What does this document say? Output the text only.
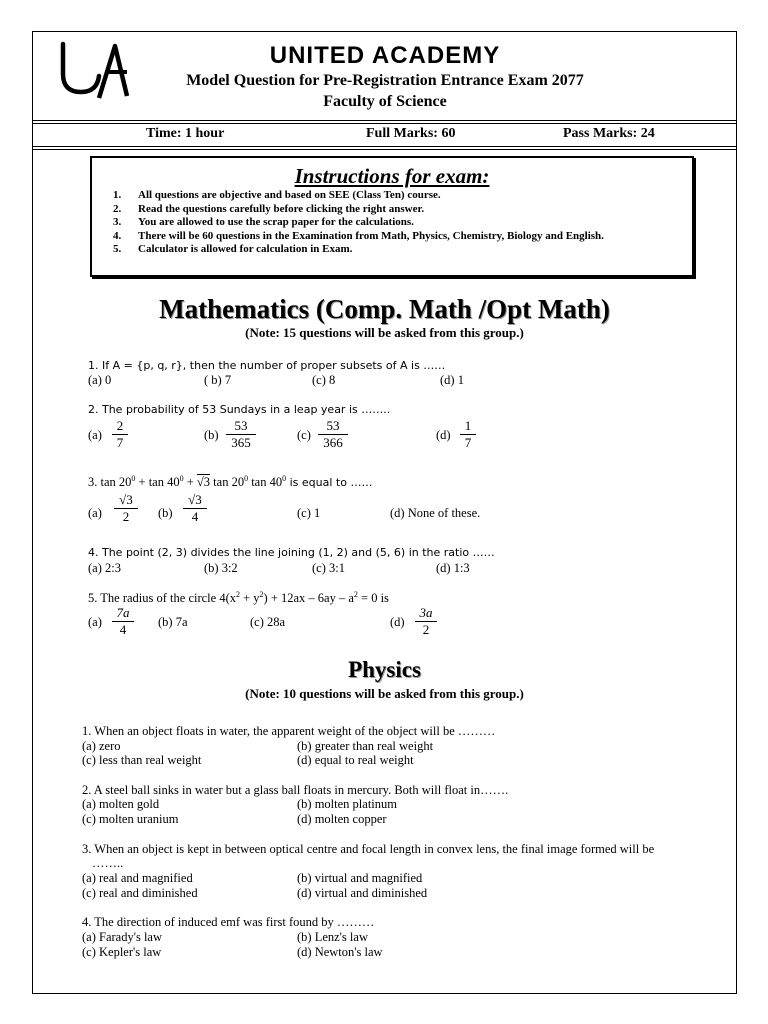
UNITED ACADEMY
Model Question for Pre-Registration Entrance Exam 2077
Faculty of Science
Time: 1 hour	Full Marks: 60	Pass Marks: 24
Instructions for exam:
1. All questions are objective and based on SEE (Class Ten) course.
2. Read the questions carefully before clicking the right answer.
3. You are allowed to use the scrap paper for the calculations.
4. There will be 60 questions in the Examination from Math, Physics, Chemistry, Biology and English.
5. Calculator is allowed for calculation in Exam.
Mathematics (Comp. Math /Opt Math)
(Note: 15 questions will be asked from this group.)
1. If A = {p, q, r}, then the number of proper subsets of A is ……
(a) 0	( b) 7	(c) 8	(d) 1
2. The probability of 53 Sundays in a leap year is ……..
$(a) \frac{2}{7}$	$(b) \frac{53}{365}$	$(c) \frac{53}{366}$	$(d) \frac{1}{7}$
3. $\tan 20^0 + \tan 40^0 + √3$ $\tan 20^0$ $\tan 40^0$ is equal to ……
$(a) \frac{√3}{2} (b) \frac{√3}{4}$	(c) 1	(d) None of these.
4. The point (2, 3) divides the line joining (1, 2) and (5, 6) in the ratio ……
(a) 2:3	(b) 3:2	(c) 3:1	(d) 1:3
5. The radius of the circle $4(x^2 + y^2) + 12ax - 6ay - a^2 = 0$ is
$(a) \frac{7a}{4} (b)$ 7a	(c) 28a	$(d) \frac{3a}{2}$
Physics
(Note: 10 questions will be asked from this group.)
1. When an object floats in water, the apparent weight of the object will be ………
(a) zero	(b) greater than real weight
(c) less than real weight	(d) equal to real weight
2. A steel ball sinks in water but a glass ball floats in mercury. Both will float in…….
(a) molten gold	(b) molten platinum
(c) molten uranium	(d) molten copper
3. When an object is kept in between optical centre and focal length in convex lens, the final image formed will be
……..
(a) real and magnified	(b) virtual and magnified
(c) real and diminished	(d) virtual and diminished
4. The direction of induced emf was first found by ………
(a) Farady's law	(b) Lenz's law
(c) Kepler's law	(d) Newton's law
